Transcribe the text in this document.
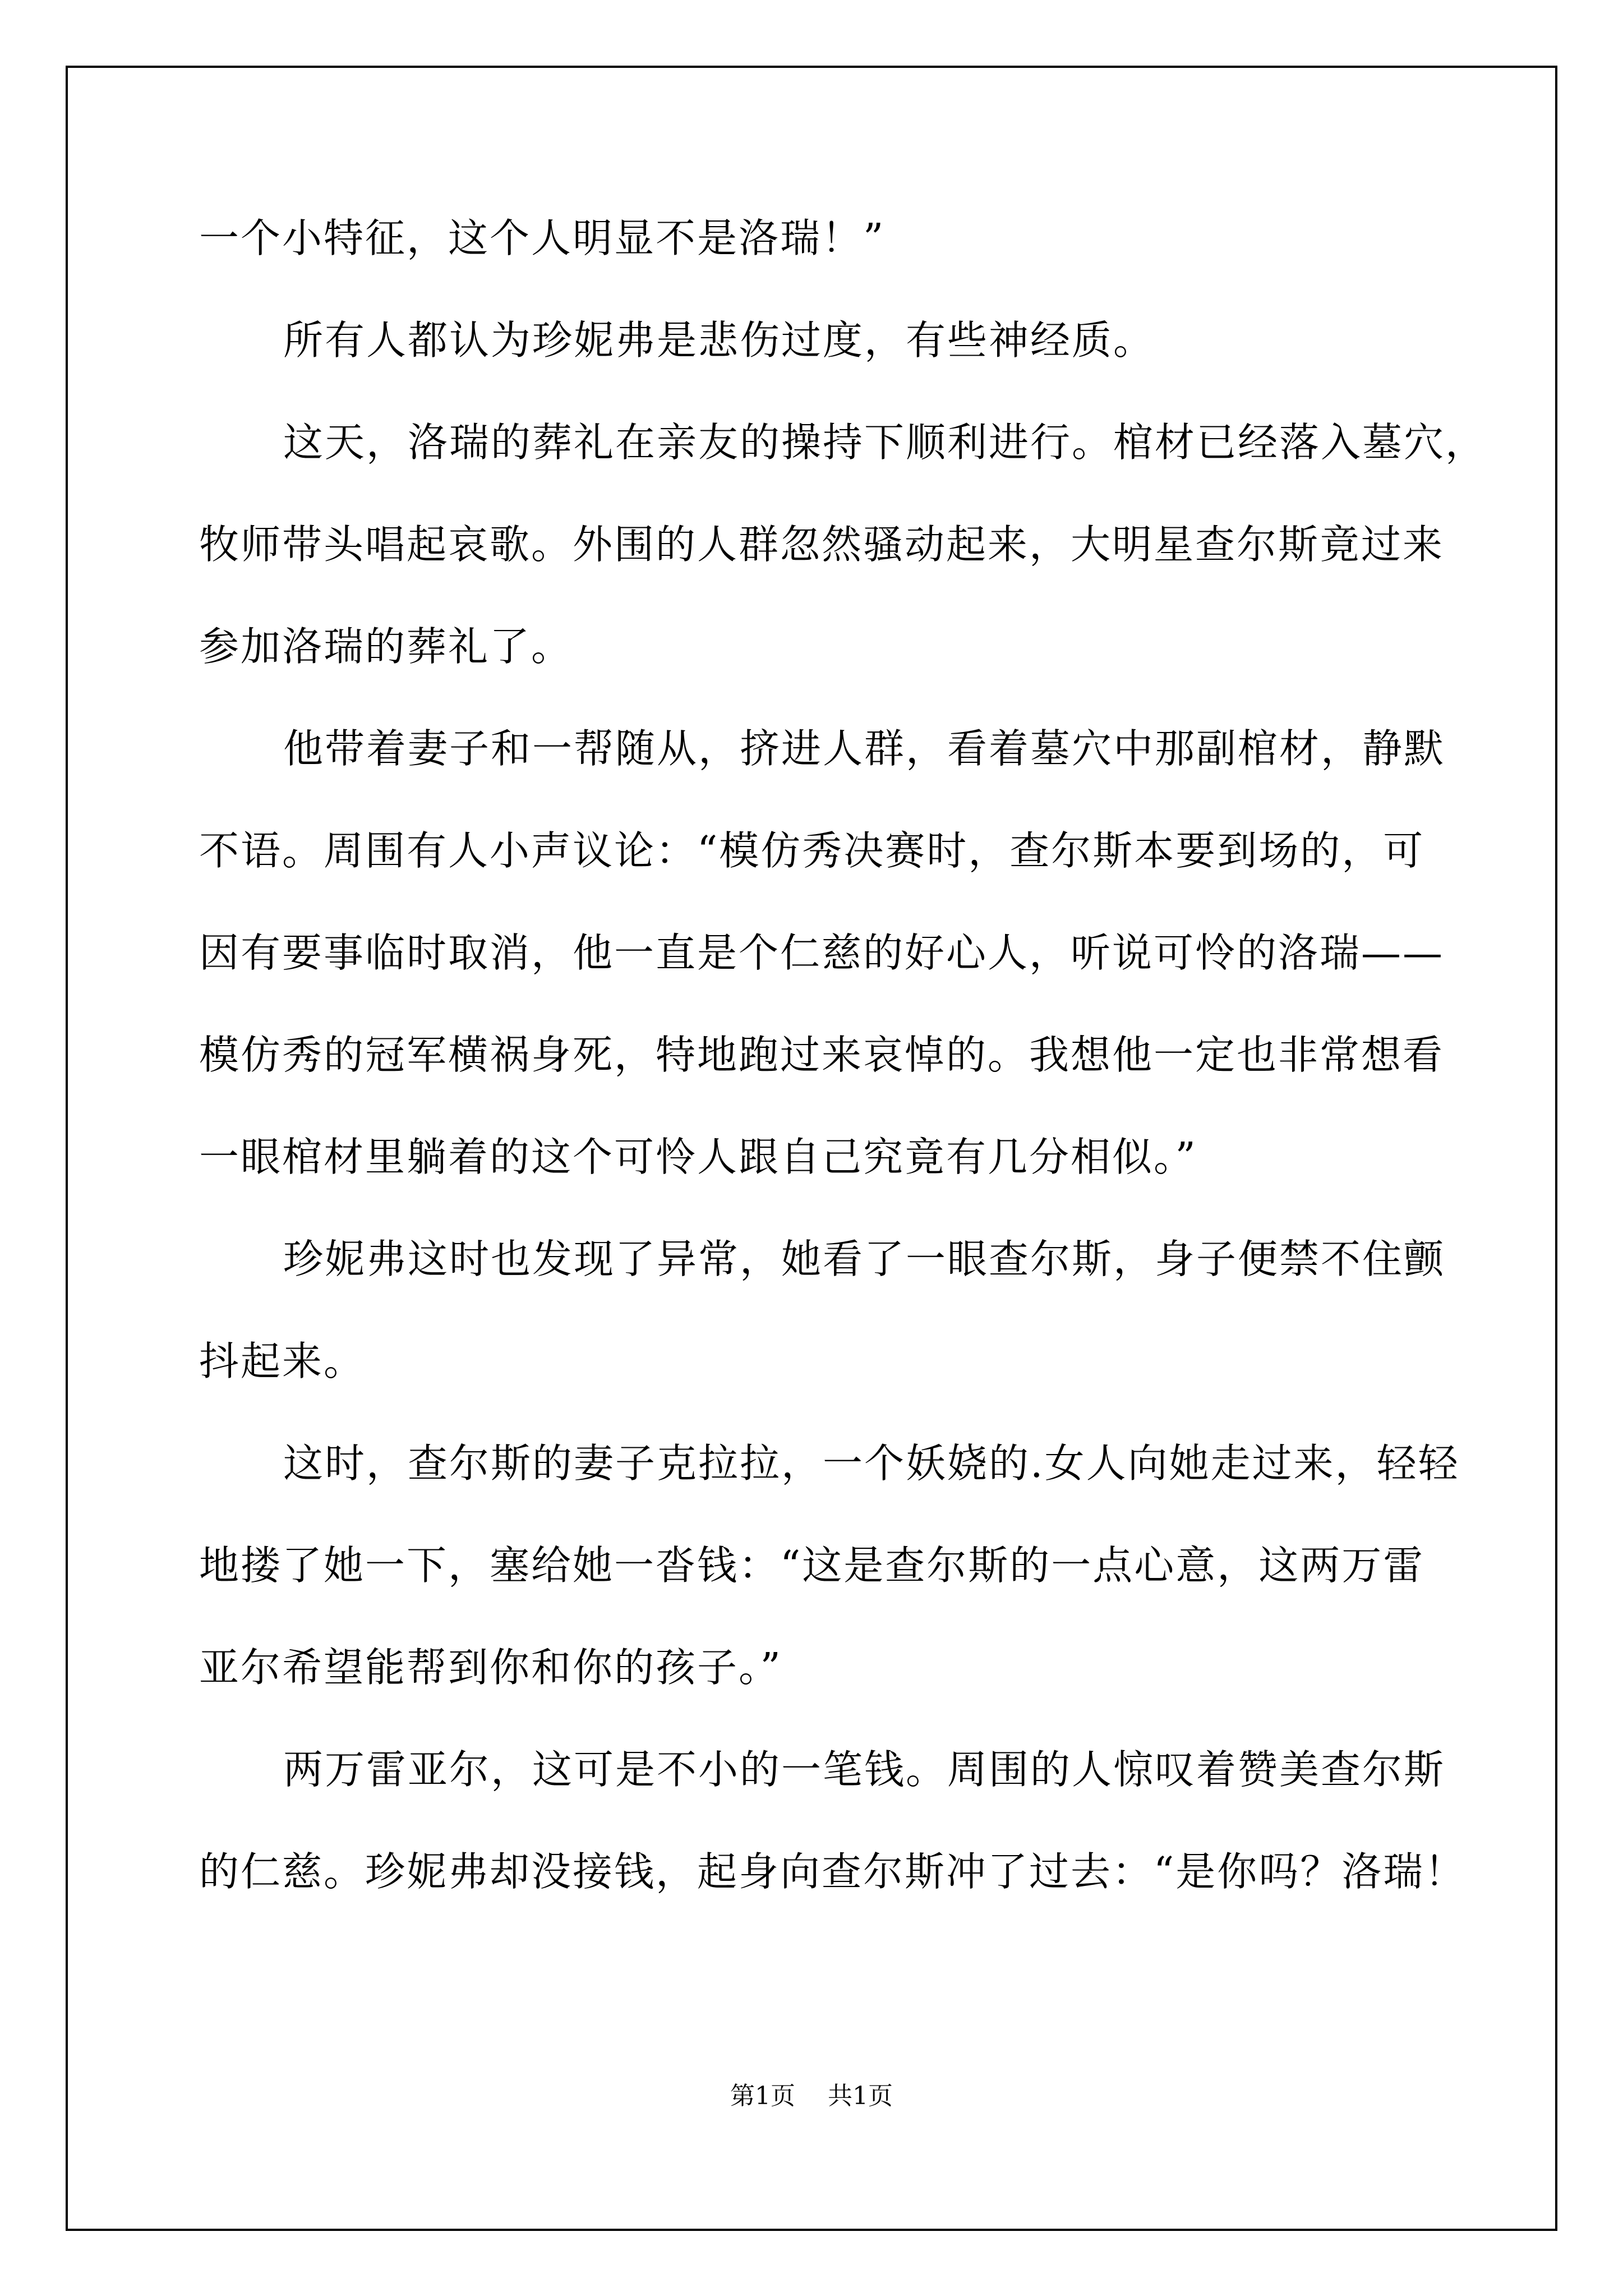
一个小特征，这个人明显不是洛瑞！”
所有人都认为珍妮弗是悲伤过度，有些神经质。
这天，洛瑞的葬礼在亲友的操持下顺利进行。棺材已经落入墓穴，
牧师带头唱起哀歌。外围的人群忽然骚动起来，大明星查尔斯竟过来
参加洛瑞的葬礼了。
他带着妻子和一帮随从，挤进人群，看着墓穴中那副棺材，静默
不语。周围有人小声议论：“模仿秀决赛时，查尔斯本要到场的，可
因有要事临时取消，他一直是个仁慈的好心人，听说可怜的洛瑞——
模仿秀的冠军横祸身死，特地跑过来哀悼的。我想他一定也非常想看
一眼棺材里躺着的这个可怜人跟自己究竟有几分相似。”
珍妮弗这时也发现了异常，她看了一眼查尔斯，身子便禁不住颤
抖起来。
这时，查尔斯的妻子克拉拉，一个妖娆的.女人向她走过来，轻轻
地搂了她一下，塞给她一沓钱：“这是查尔斯的一点心意，这两万雷
亚尔希望能帮到你和你的孩子。”
两万雷亚尔，这可是不小的一笔钱。周围的人惊叹着赞美查尔斯
的仁慈。珍妮弗却没接钱，起身向查尔斯冲了过去：“是你吗？洛瑞！
第1页 共1页
